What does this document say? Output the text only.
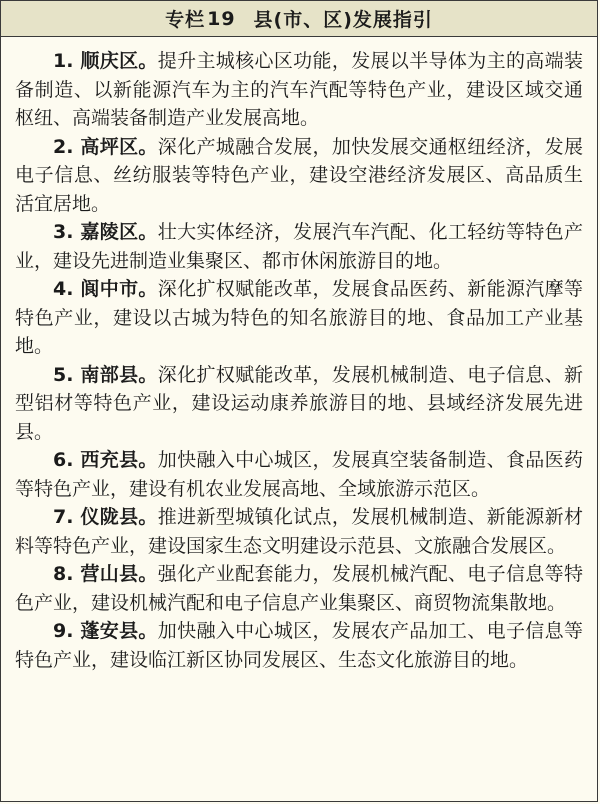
专栏 19 县(市、区)发展指引

1. 顺庆区。提升主城核心区功能，发展以半导体为主的高端装备制造、以新能源汽车为主的汽车汽配等特色产业，建设区域交通枢纽、高端装备制造产业发展高地。

2. 高坪区。深化产城融合发展，加快发展交通枢纽经济，发展电子信息、丝纺服装等特色产业，建设空港经济发展区、高品质生活宜居地。

3. 嘉陵区。壮大实体经济，发展汽车汽配、化工轻纺等特色产业，建设先进制造业集聚区、都市休闲旅游目的地。

4. 阆中市。深化扩权赋能改革，发展食品医药、新能源汽摩等特色产业，建设以古城为特色的知名旅游目的地、食品加工产业基地。

5. 南部县。深化扩权赋能改革，发展机械制造、电子信息、新型铝材等特色产业，建设运动康养旅游目的地、县域经济发展先进县。

6. 西充县。加快融入中心城区，发展真空装备制造、食品医药等特色产业，建设有机农业发展高地、全域旅游示范区。

7. 仪陇县。推进新型城镇化试点，发展机械制造、新能源新材料等特色产业，建设国家生态文明建设示范县、文旅融合发展区。

8. 营山县。强化产业配套能力，发展机械汽配、电子信息等特色产业，建设机械汽配和电子信息产业集聚区、商贸物流集散地。

9. 蓬安县。加快融入中心城区，发展农产品加工、电子信息等特色产业，建设临江新区协同发展区、生态文化旅游目的地。
